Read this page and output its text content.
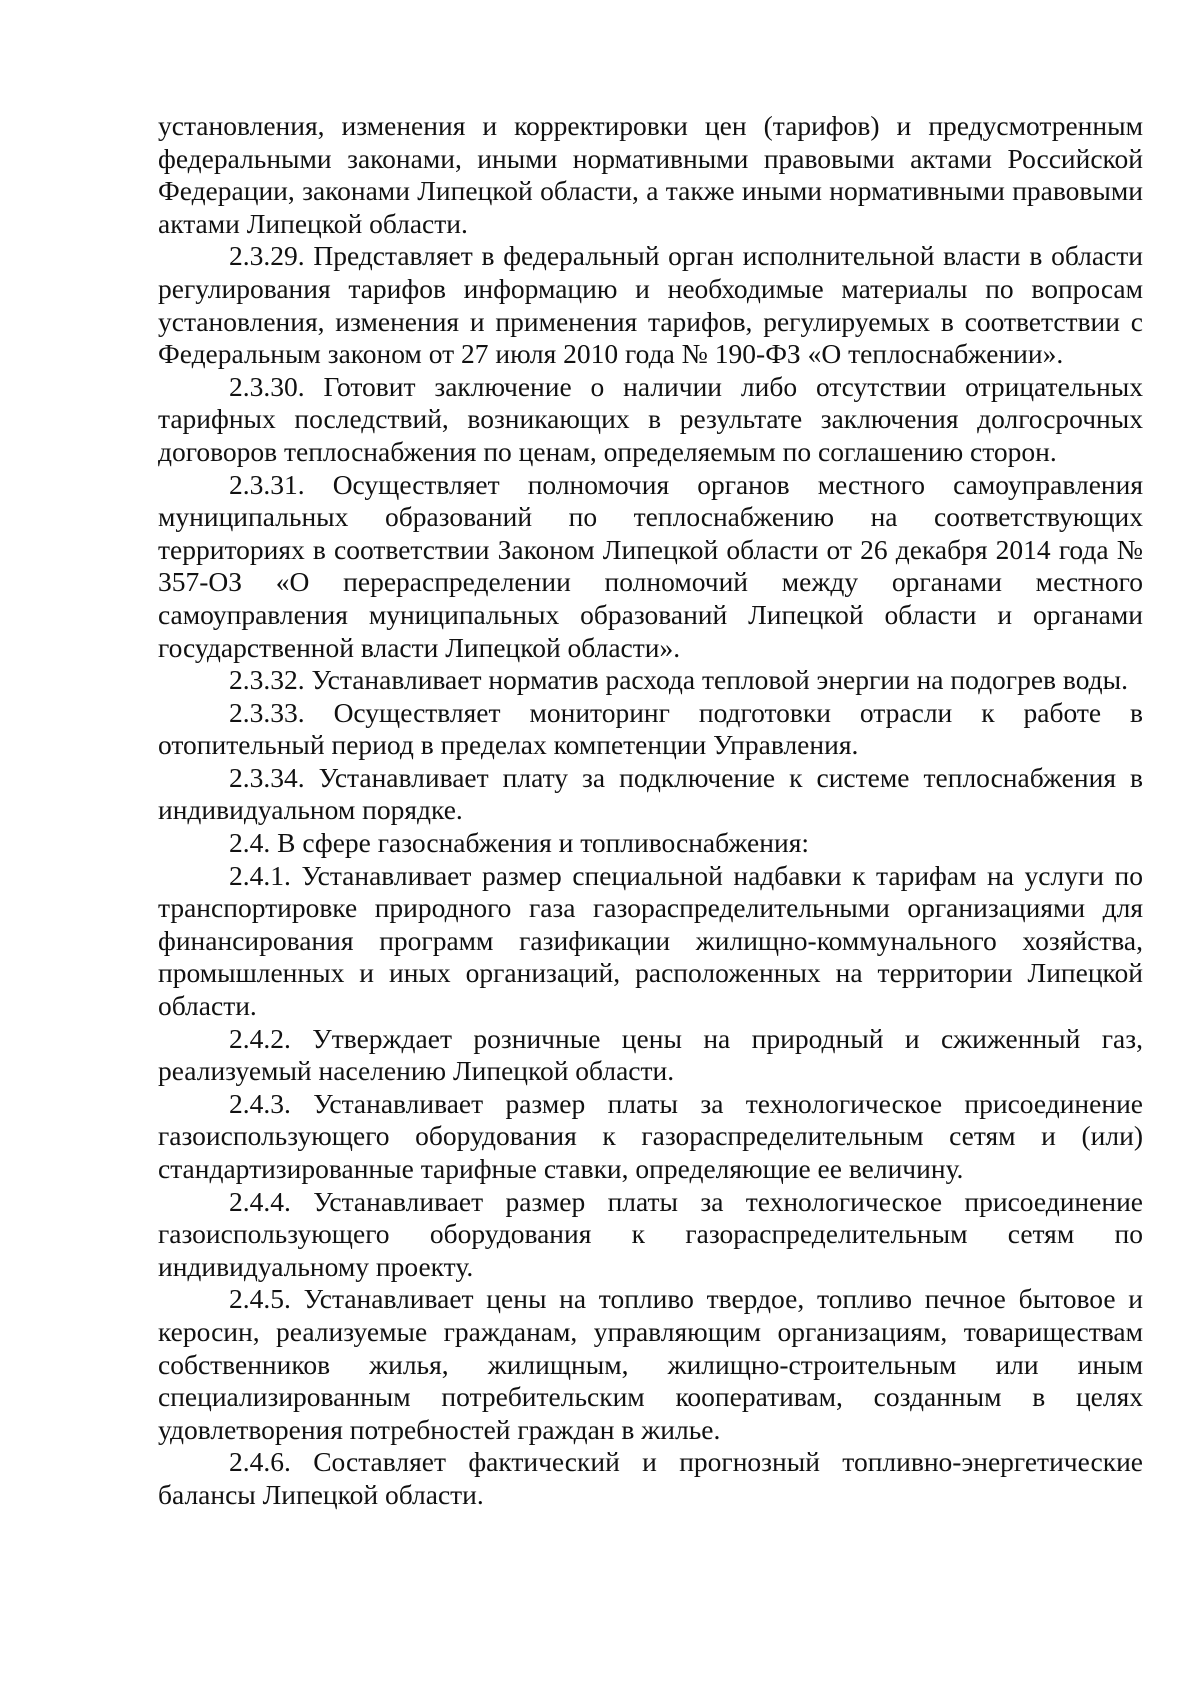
установления, изменения и корректировки цен (тарифов) и предусмотренным федеральными законами, иными нормативными правовыми актами Российской Федерации, законами Липецкой области, а также иными нормативными правовыми актами Липецкой области.

2.3.29. Представляет в федеральный орган исполнительной власти в области регулирования тарифов информацию и необходимые материалы по вопросам установления, изменения и применения тарифов, регулируемых в соответствии с Федеральным законом от 27 июля 2010 года № 190-ФЗ «О теплоснабжении».

2.3.30. Готовит заключение о наличии либо отсутствии отрицательных тарифных последствий, возникающих в результате заключения долгосрочных договоров теплоснабжения по ценам, определяемым по соглашению сторон.

2.3.31. Осуществляет полномочия органов местного самоуправления муниципальных образований по теплоснабжению на соответствующих территориях в соответствии Законом Липецкой области от 26 декабря 2014 года № 357-ОЗ «О перераспределении полномочий между органами местного самоуправления муниципальных образований Липецкой области и органами государственной власти Липецкой области».

2.3.32. Устанавливает норматив расхода тепловой энергии на подогрев воды.

2.3.33. Осуществляет мониторинг подготовки отрасли к работе в отопительный период в пределах компетенции Управления.

2.3.34. Устанавливает плату за подключение к системе теплоснабжения в индивидуальном порядке.

2.4. В сфере газоснабжения и топливоснабжения:

2.4.1. Устанавливает размер специальной надбавки к тарифам на услуги по транспортировке природного газа газораспределительными организациями для финансирования программ газификации жилищно-коммунального хозяйства, промышленных и иных организаций, расположенных на территории Липецкой области.

2.4.2. Утверждает розничные цены на природный и сжиженный газ, реализуемый населению Липецкой области.

2.4.3. Устанавливает размер платы за технологическое присоединение газоиспользующего оборудования к газораспределительным сетям и (или) стандартизированные тарифные ставки, определяющие ее величину.

2.4.4. Устанавливает размер платы за технологическое присоединение газоиспользующего оборудования к газораспределительным сетям по индивидуальному проекту.

2.4.5. Устанавливает цены на топливо твердое, топливо печное бытовое и керосин, реализуемые гражданам, управляющим организациям, товариществам собственников жилья, жилищным, жилищно-строительным или иным специализированным потребительским кооперативам, созданным в целях удовлетворения потребностей граждан в жилье.

2.4.6. Составляет фактический и прогнозный топливно-энергетические балансы Липецкой области.
